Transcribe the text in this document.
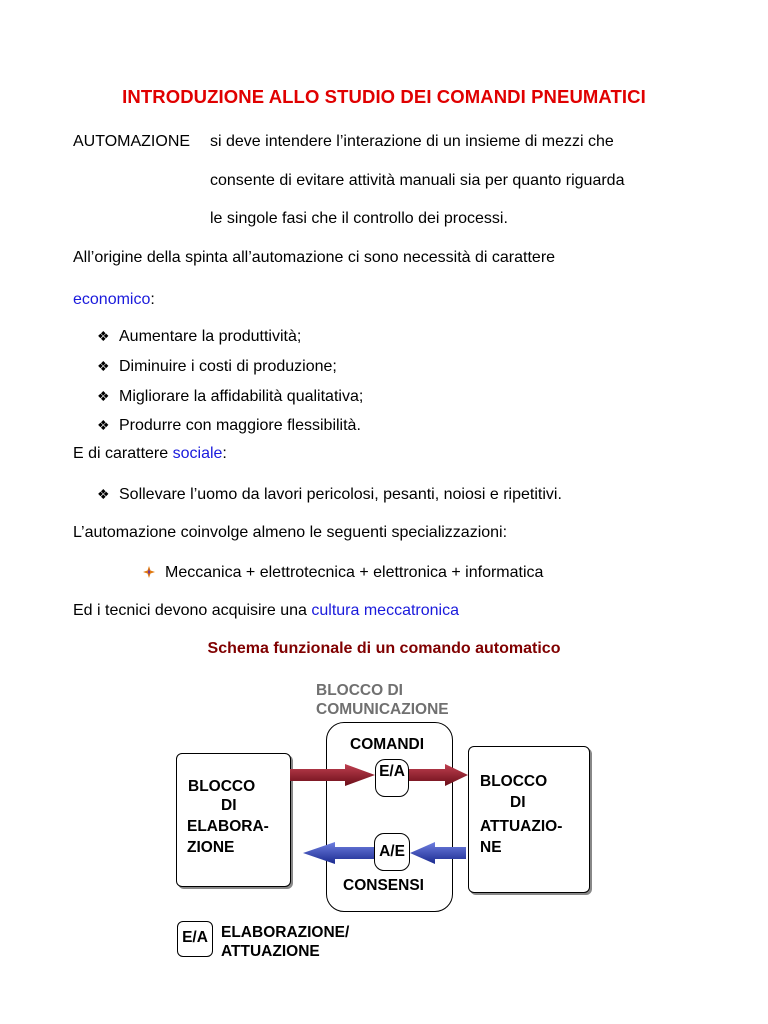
INTRODUZIONE ALLO STUDIO DEI COMANDI PNEUMATICI
AUTOMAZIONE si deve intendere l’interazione di un insieme di mezzi che
consente di evitare attività manuali sia per quanto riguarda
le singole fasi che il controllo dei processi.
All’origine della spinta all’automazione ci sono necessità di carattere
economico:
❖ Aumentare la produttività;
❖ Diminuire i costi di produzione;
❖ Migliorare la affidabilità qualitativa;
❖ Produrre con maggiore flessibilità.
E di carattere sociale:
❖ Sollevare l’uomo da lavori pericolosi, pesanti, noiosi e ripetitivi.
L’automazione coinvolge almeno le seguenti specializzazioni:
Meccanica + elettrotecnica + elettronica + informatica
Ed i tecnici devono acquisire una cultura meccatronica
Schema funzionale di un comando automatico
BLOCCO DI
COMUNICAZIONE
COMANDI
CONSENSI
E/A
A/E
BLOCCO
DI
ELABORA-
ZIONE
BLOCCO
DI
ATTUAZIO-
NE
E/A ELABORAZIONE/
ATTUAZIONE
